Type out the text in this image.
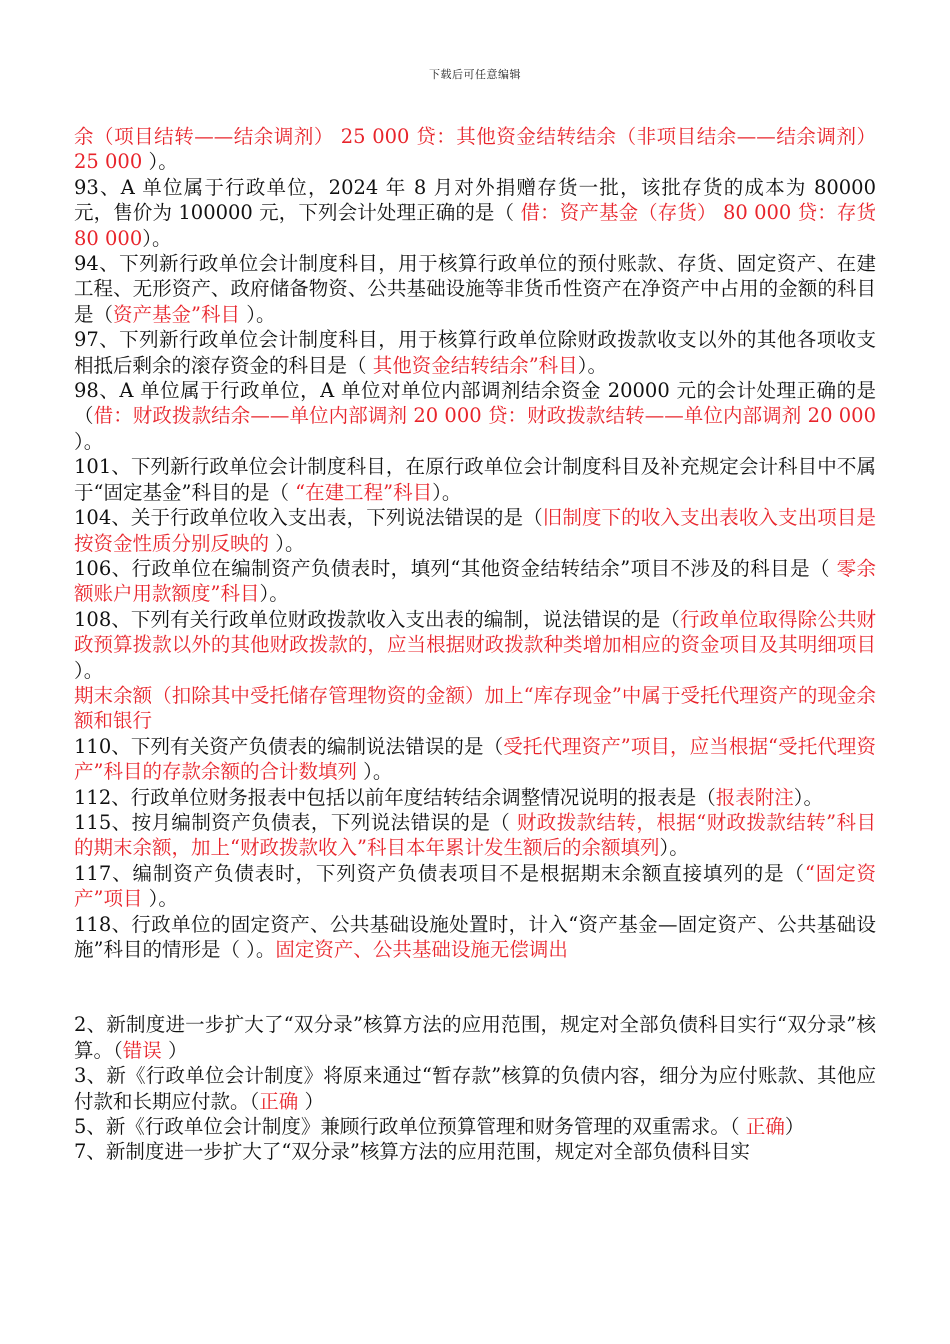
下载后可任意编辑

余（项目结转——结余调剂） 25 000 贷：其他资金结转结余（非项目结余——结余调剂） 25 000 ）。

93、A 单位属于行政单位，2024 年 8 月对外捐赠存货一批，该批存货的成本为 80000 元，售价为 100000 元，下列会计处理正确的是（ 借：资产基金（存货） 80 000 贷：存货 80 000）。

94、下列新行政单位会计制度科目，用于核算行政单位的预付账款、存货、固定资产、在建工程、无形资产、政府储备物资、公共基础设施等非货币性资产在净资产中占用的金额的科目是（资产基金”科目 ）。

97、下列新行政单位会计制度科目，用于核算行政单位除财政拨款收支以外的其他各项收支相抵后剩余的滚存资金的科目是（ 其他资金结转结余”科目）。

98、A 单位属于行政单位，A 单位对单位内部调剂结余资金 20000 元的会计处理正确的是（借：财政拨款结余——单位内部调剂 20 000 贷：财政拨款结转——单位内部调剂 20 000 ）。

101、下列新行政单位会计制度科目，在原行政单位会计制度科目及补充规定会计科目中不属于“固定基金”科目的是（ “在建工程”科目）。

104、关于行政单位收入支出表，下列说法错误的是（旧制度下的收入支出表收入支出项目是按资金性质分别反映的 ）。

106、行政单位在编制资产负债表时，填列“其他资金结转结余”项目不涉及的科目是（ 零余额账户用款额度”科目）。

108、下列有关行政单位财政拨款收入支出表的编制，说法错误的是（行政单位取得除公共财政预算拨款以外的其他财政拨款的，应当根据财政拨款种类增加相应的资金项目及其明细项目 ）。

期末余额（扣除其中受托储存管理物资的金额）加上“库存现金”中属于受托代理资产的现金余额和银行

110、下列有关资产负债表的编制说法错误的是（受托代理资产”项目，应当根据“受托代理资产”科目的存款余额的合计数填列 ）。

112、行政单位财务报表中包括以前年度结转结余调整情况说明的报表是（报表附注）。

115、按月编制资产负债表，下列说法错误的是（ 财政拨款结转，根据“财政拨款结转”科目的期末余额，加上“财政拨款收入”科目本年累计发生额后的余额填列）。

117、编制资产负债表时，下列资产负债表项目不是根据期末余额直接填列的是（“固定资产”项目 ）。

118、行政单位的固定资产、公共基础设施处置时，计入“资产基金—固定资产、公共基础设施”科目的情形是（ ）。固定资产、公共基础设施无偿调出

2、新制度进一步扩大了“双分录”核算方法的应用范围，规定对全部负债科目实行“双分录”核算。（错误 ）

3、新《行政单位会计制度》将原来通过“暂存款”核算的负债内容，细分为应付账款、其他应付款和长期应付款。（正确 ）

5、新《行政单位会计制度》兼顾行政单位预算管理和财务管理的双重需求。（ 正确）

7、新制度进一步扩大了“双分录”核算方法的应用范围，规定对全部负债科目实
